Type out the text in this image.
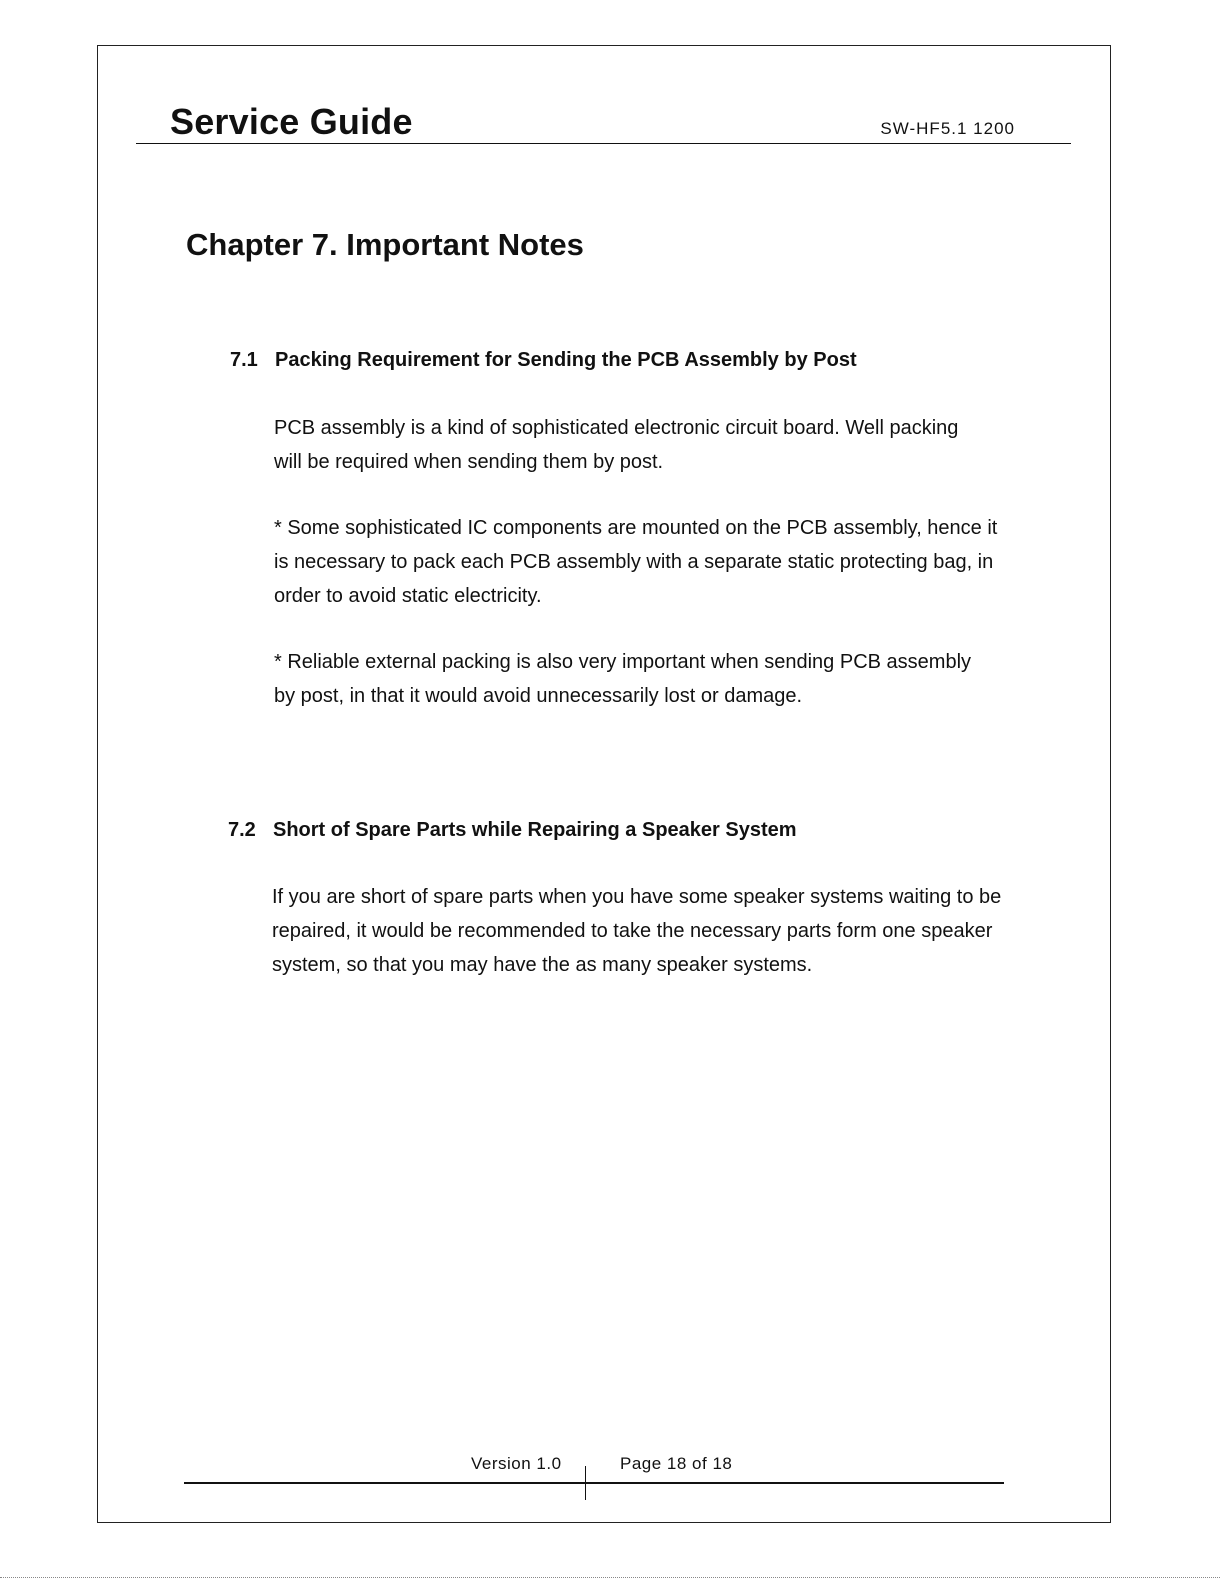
Service Guide	SW-HF5.1 1200
Chapter 7. Important Notes
7.1 Packing Requirement for Sending the PCB Assembly by Post

PCB assembly is a kind of sophisticated electronic circuit board. Well packing will be required when sending them by post.

* Some sophisticated IC components are mounted on the PCB assembly, hence it is necessary to pack each PCB assembly with a separate static protecting bag, in order to avoid static electricity.

* Reliable external packing is also very important when sending PCB assembly by post, in that it would avoid unnecessarily lost or damage.

7.2 Short of Spare Parts while Repairing a Speaker System

If you are short of spare parts when you have some speaker systems waiting to be repaired, it would be recommended to take the necessary parts form one speaker system, so that you may have the as many speaker systems.

Version 1.0	Page 18 of 18
